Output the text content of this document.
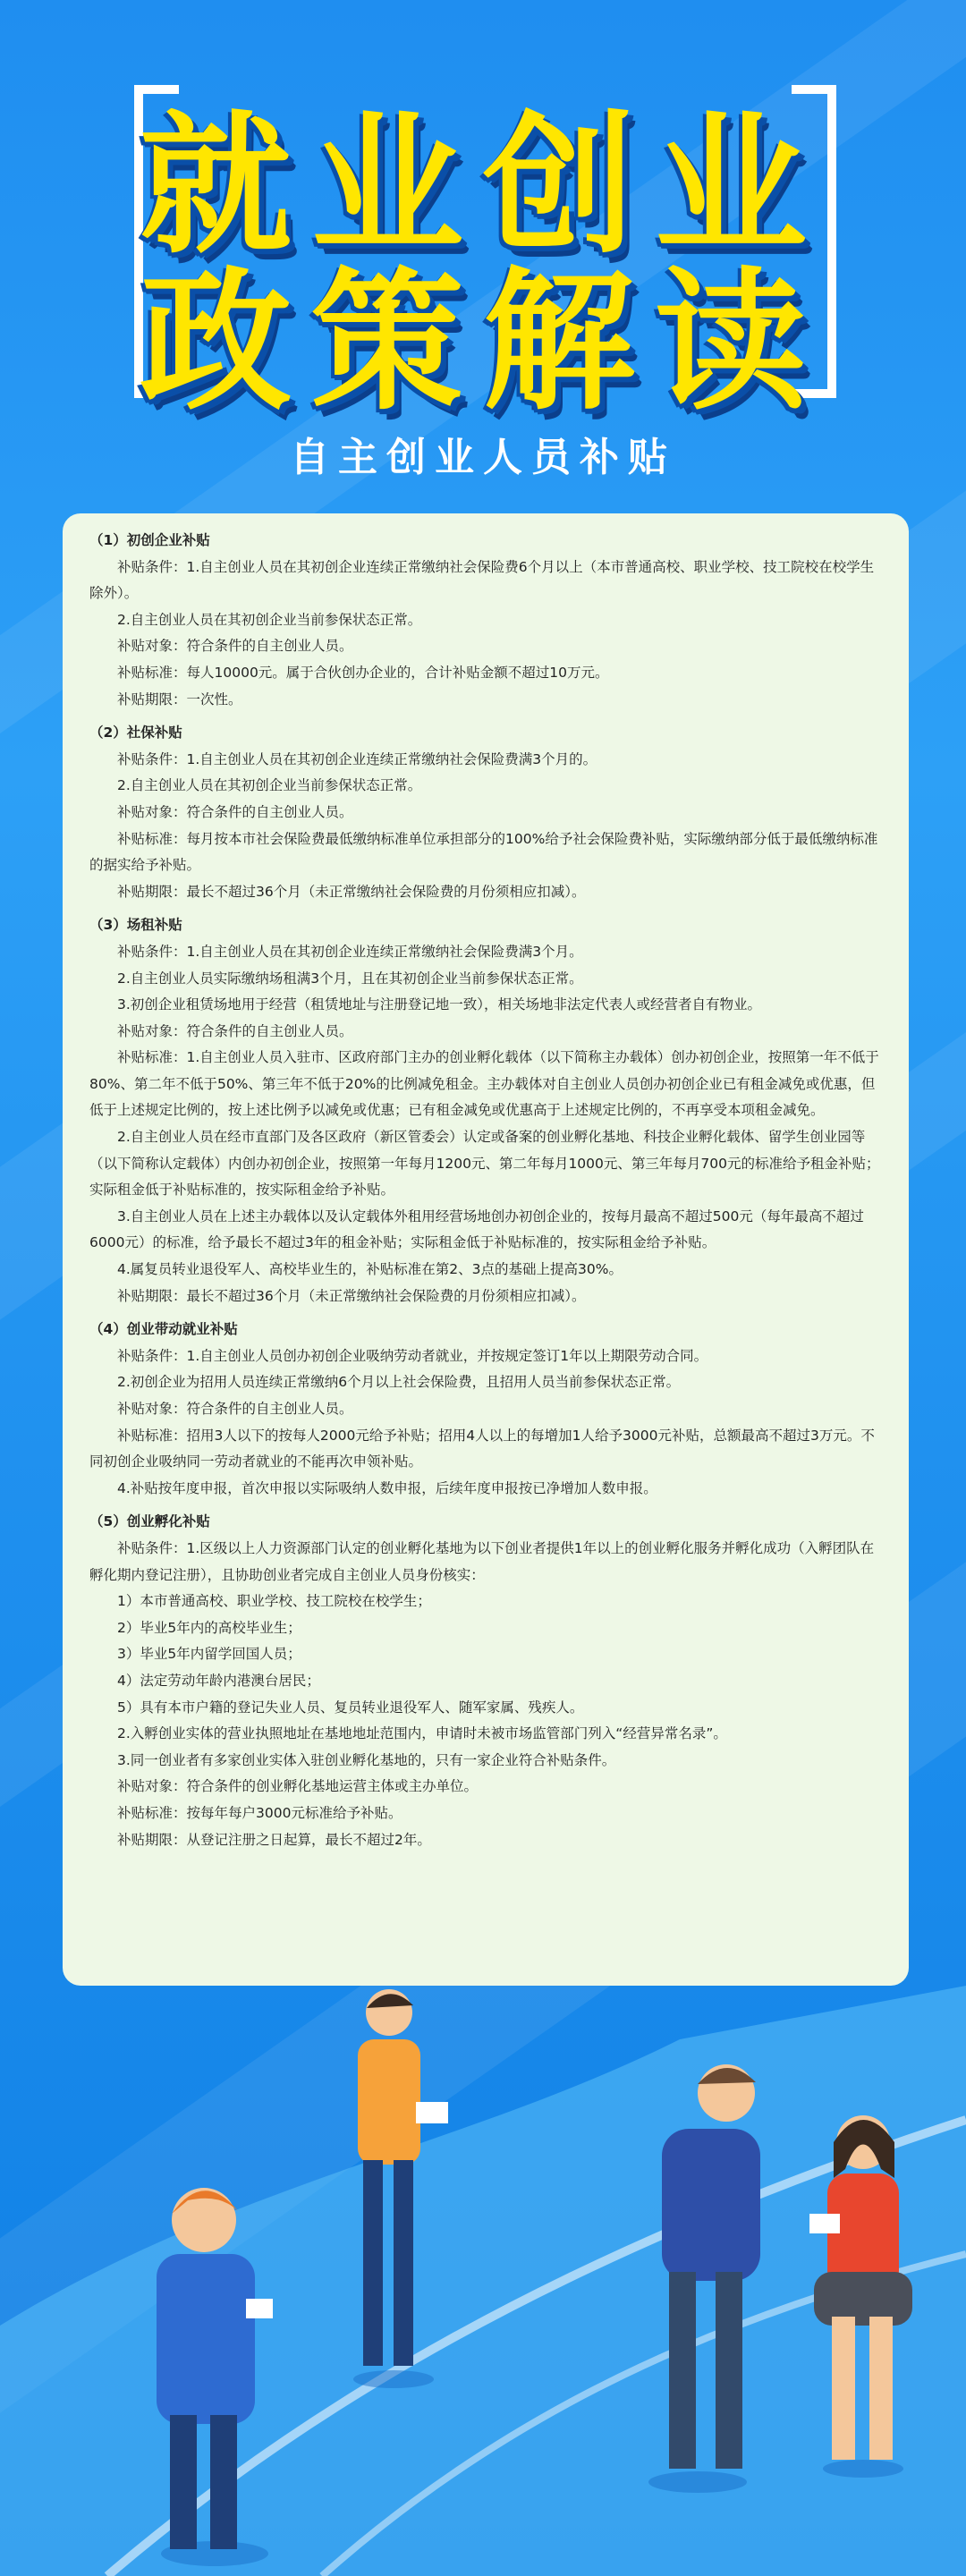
就业创业
政策解读
自主创业人员补贴
（1）初创企业补贴
补贴条件：1.自主创业人员在其初创企业连续正常缴纳社会保险费6个月以上（本市普通高校、职业学校、技工院校在校学生除外）。
2.自主创业人员在其初创企业当前参保状态正常。
补贴对象：符合条件的自主创业人员。
补贴标准：每人10000元。属于合伙创办企业的，合计补贴金额不超过10万元。
补贴期限：一次性。
（2）社保补贴
补贴条件：1.自主创业人员在其初创企业连续正常缴纳社会保险费满3个月的。
2.自主创业人员在其初创企业当前参保状态正常。
补贴对象：符合条件的自主创业人员。
补贴标准：每月按本市社会保险费最低缴纳标准单位承担部分的100%给予社会保险费补贴，实际缴纳部分低于最低缴纳标准的据实给予补贴。
补贴期限：最长不超过36个月（未正常缴纳社会保险费的月份须相应扣减）。
（3）场租补贴
补贴条件：1.自主创业人员在其初创企业连续正常缴纳社会保险费满3个月。
2.自主创业人员实际缴纳场租满3个月，且在其初创企业当前参保状态正常。
3.初创企业租赁场地用于经营（租赁地址与注册登记地一致），相关场地非法定代表人或经营者自有物业。
补贴对象：符合条件的自主创业人员。
补贴标准：1.自主创业人员入驻市、区政府部门主办的创业孵化载体（以下简称主办载体）创办初创企业，按照第一年不低于80%、第二年不低于50%、第三年不低于20%的比例减免租金。主办载体对自主创业人员创办初创企业已有租金减免或优惠，但低于上述规定比例的，按上述比例予以减免或优惠；已有租金减免或优惠高于上述规定比例的，不再享受本项租金减免。
2.自主创业人员在经市直部门及各区政府（新区管委会）认定或备案的创业孵化基地、科技企业孵化载体、留学生创业园等（以下简称认定载体）内创办初创企业，按照第一年每月1200元、第二年每月1000元、第三年每月700元的标准给予租金补贴；实际租金低于补贴标准的，按实际租金给予补贴。
3.自主创业人员在上述主办载体以及认定载体外租用经营场地创办初创企业的，按每月最高不超过500元（每年最高不超过6000元）的标准，给予最长不超过3年的租金补贴；实际租金低于补贴标准的，按实际租金给予补贴。
4.属复员转业退役军人、高校毕业生的，补贴标准在第2、3点的基础上提高30%。
补贴期限：最长不超过36个月（未正常缴纳社会保险费的月份须相应扣减）。
（4）创业带动就业补贴
补贴条件：1.自主创业人员创办初创企业吸纳劳动者就业，并按规定签订1年以上期限劳动合同。
2.初创企业为招用人员连续正常缴纳6个月以上社会保险费，且招用人员当前参保状态正常。
补贴对象：符合条件的自主创业人员。
补贴标准：招用3人以下的按每人2000元给予补贴；招用4人以上的每增加1人给予3000元补贴，总额最高不超过3万元。不同初创企业吸纳同一劳动者就业的不能再次申领补贴。
4.补贴按年度申报，首次申报以实际吸纳人数申报，后续年度申报按已净增加人数申报。
（5）创业孵化补贴
补贴条件：1.区级以上人力资源部门认定的创业孵化基地为以下创业者提供1年以上的创业孵化服务并孵化成功（入孵团队在孵化期内登记注册），且协助创业者完成自主创业人员身份核实：
1）本市普通高校、职业学校、技工院校在校学生；
2）毕业5年内的高校毕业生；
3）毕业5年内留学回国人员；
4）法定劳动年龄内港澳台居民；
5）具有本市户籍的登记失业人员、复员转业退役军人、随军家属、残疾人。
2.入孵创业实体的营业执照地址在基地地址范围内，申请时未被市场监管部门列入“经营异常名录”。
3.同一创业者有多家创业实体入驻创业孵化基地的，只有一家企业符合补贴条件。
补贴对象：符合条件的创业孵化基地运营主体或主办单位。
补贴标准：按每年每户3000元标准给予补贴。
补贴期限：从登记注册之日起算，最长不超过2年。
